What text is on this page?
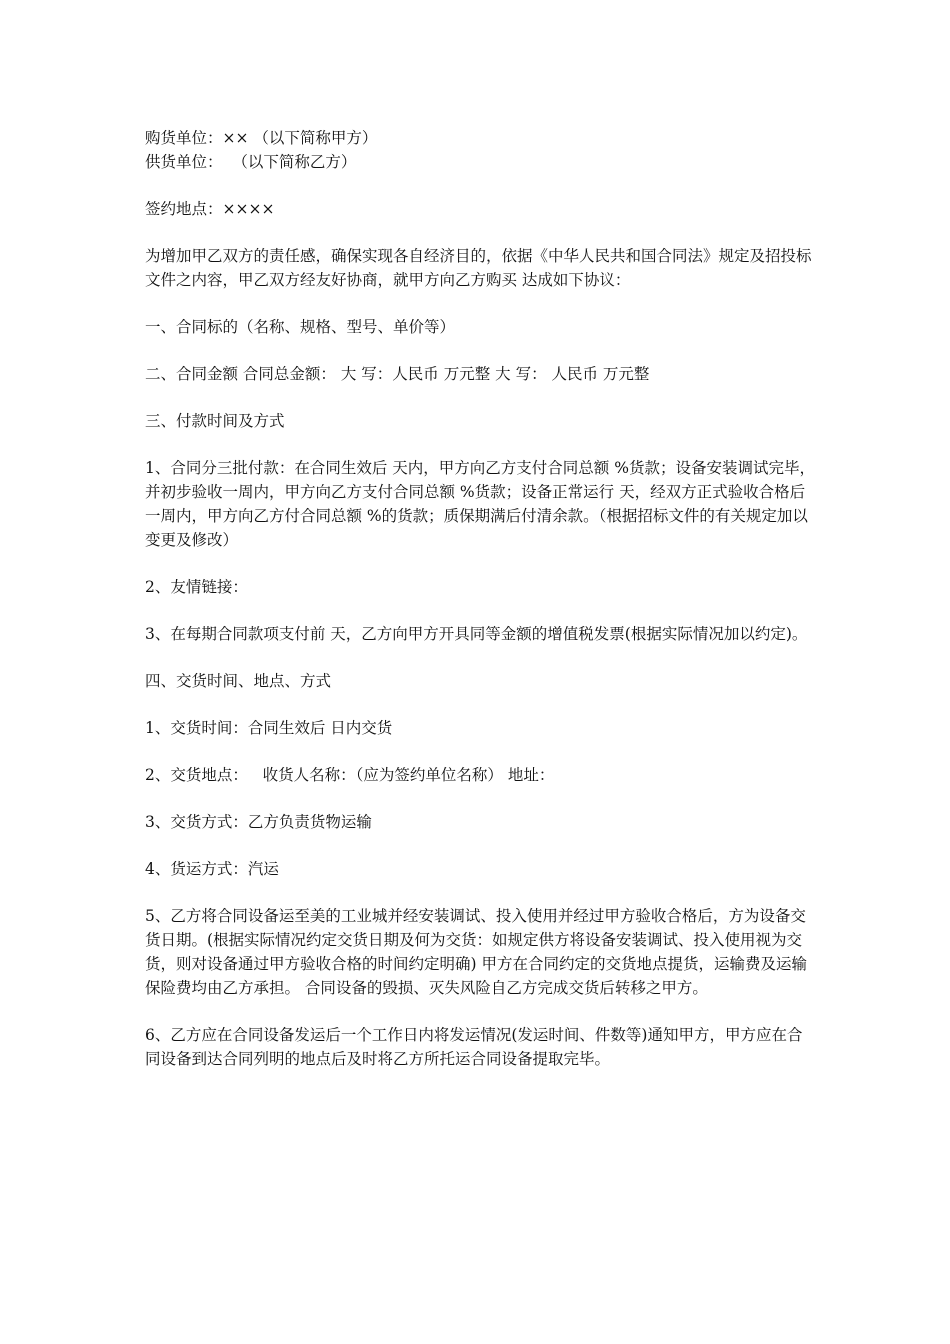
购货单位：×× （以下简称甲方）

供货单位：  （以下简称乙方）

签约地点：××××

为增加甲乙双方的责任感，确保实现各自经济目的，依据《中华人民共和国合同法》规定及招投标文件之内容，甲乙双方经友好协商，就甲方向乙方购买 达成如下协议：

一、合同标的（名称、规格、型号、单价等）

二、合同金额 合同总金额： 大 写：人民币 万元整 大 写： 人民币 万元整

三、付款时间及方式

1、合同分三批付款：在合同生效后 天内，甲方向乙方支付合同总额 %货款；设备安装调试完毕，并初步验收一周内，甲方向乙方支付合同总额 %货款；设备正常运行 天，经双方正式验收合格后一周内，甲方向乙方付合同总额 %的货款；质保期满后付清余款。（根据招标文件的有关规定加以变更及修改）

2、友情链接：

3、在每期合同款项支付前 天，乙方向甲方开具同等金额的增值税发票(根据实际情况加以约定)。

四、交货时间、地点、方式

1、交货时间：合同生效后 日内交货

2、交货地点：   收货人名称：（应为签约单位名称） 地址：

3、交货方式：乙方负责货物运输

4、货运方式：汽运

5、乙方将合同设备运至美的工业城并经安装调试、投入使用并经过甲方验收合格后，方为设备交货日期。(根据实际情况约定交货日期及何为交货：如规定供方将设备安装调试、投入使用视为交货，则对设备通过甲方验收合格的时间约定明确) 甲方在合同约定的交货地点提货，运输费及运输保险费均由乙方承担。 合同设备的毁损、灭失风险自乙方完成交货后转移之甲方。

6、乙方应在合同设备发运后一个工作日内将发运情况(发运时间、件数等)通知甲方，甲方应在合同设备到达合同列明的地点后及时将乙方所托运合同设备提取完毕。
